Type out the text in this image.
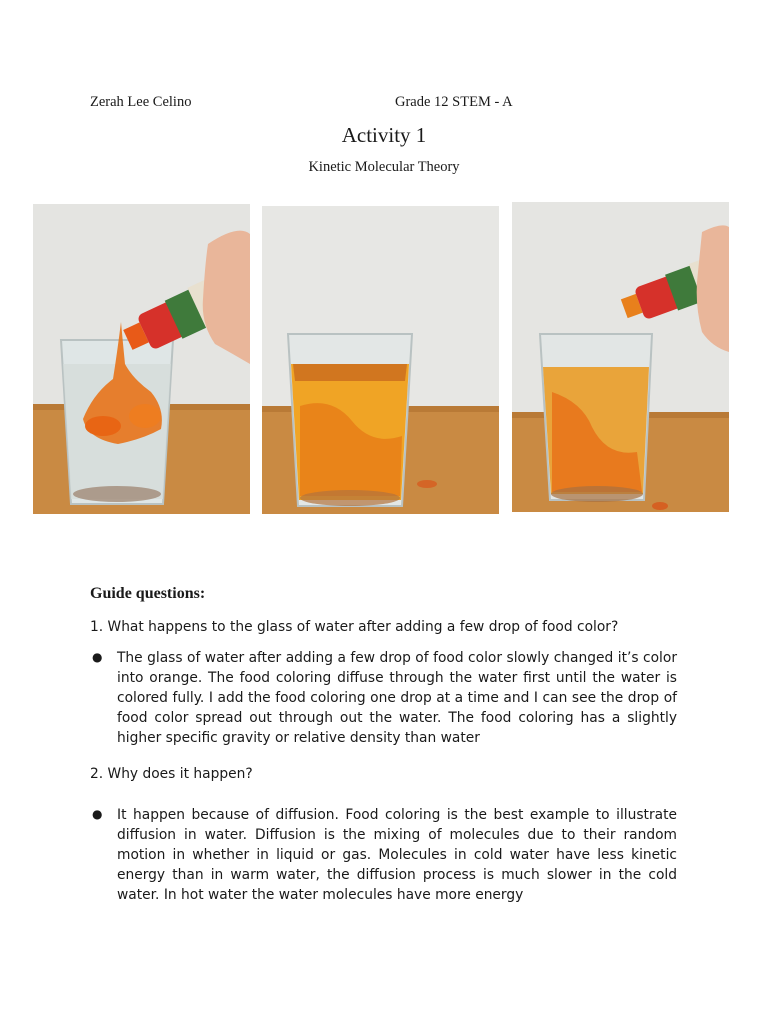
Zerah Lee Celino	Grade 12 STEM - A
Activity 1
Kinetic Molecular Theory
Guide questions:
1. What happens to the glass of water after adding a few drop of food color?
● The glass of water after adding a few drop of food color slowly changed it’s color into orange. The food coloring diffuse through the water first until the water is colored fully. I add the food coloring one drop at a time and I can see the drop of food color spread out through out the water. The food coloring has a slightly higher specific gravity or relative density than water
2. Why does it happen?
● It happen because of diffusion. Food coloring is the best example to illustrate diffusion in water. Diffusion is the mixing of molecules due to their random motion in whether in liquid or gas. Molecules in cold water have less kinetic energy than in warm water, the diffusion process is much slower in the cold water. In hot water the water molecules have more energy
